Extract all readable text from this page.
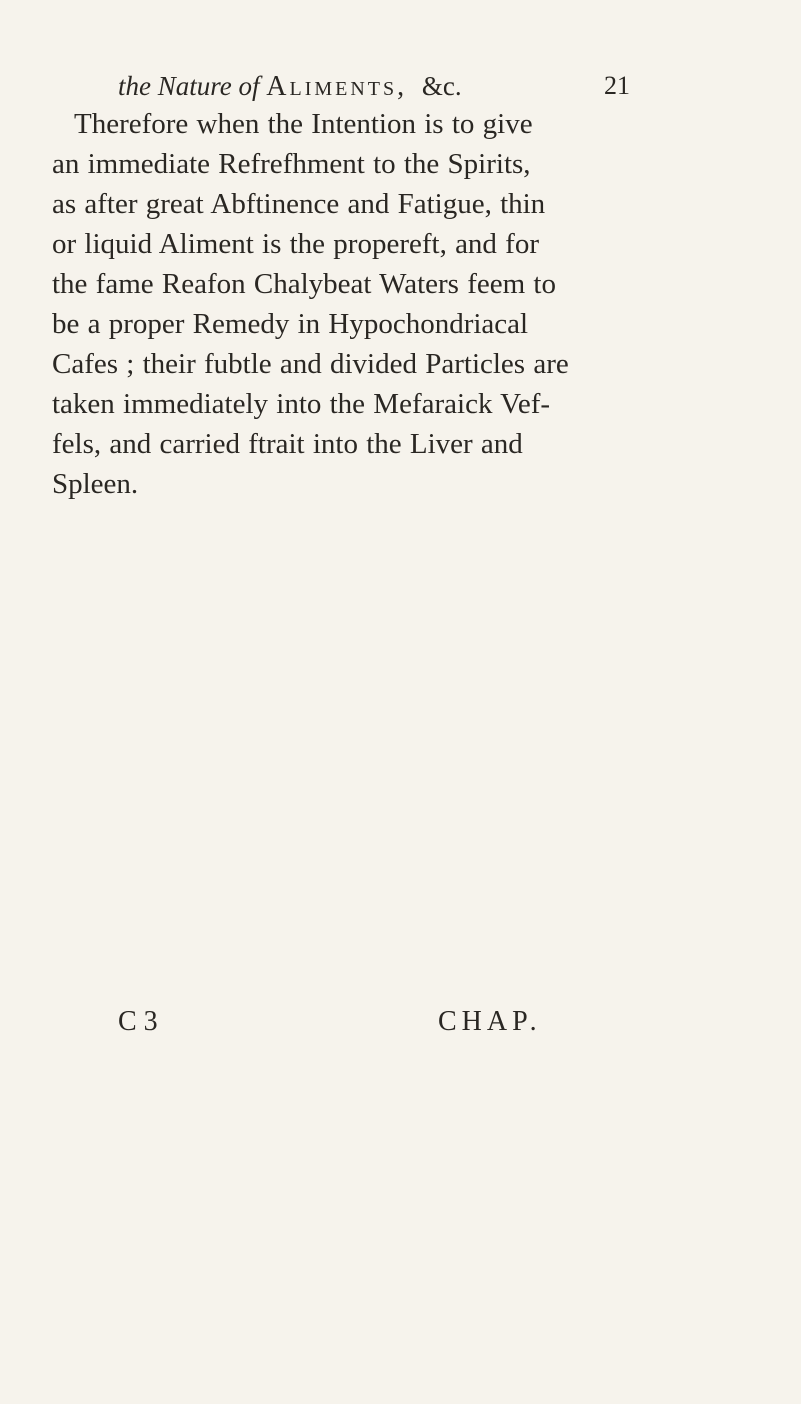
the Nature of Aliments, &c.	21

Therefore when the Intention is to give
an immediate Refrefhment to the Spirits,
as after great Abftinence and Fatigue, thin
or liquid Aliment is the propereft, and for
the fame Reafon Chalybeat Waters feem to
be a proper Remedy in Hypochondriacal
Cafes ; their fubtle and divided Particles are
taken immediately into the Mefaraick Vef-
fels, and carried ftrait into the Liver and
Spleen.

C 3	CHAP.
